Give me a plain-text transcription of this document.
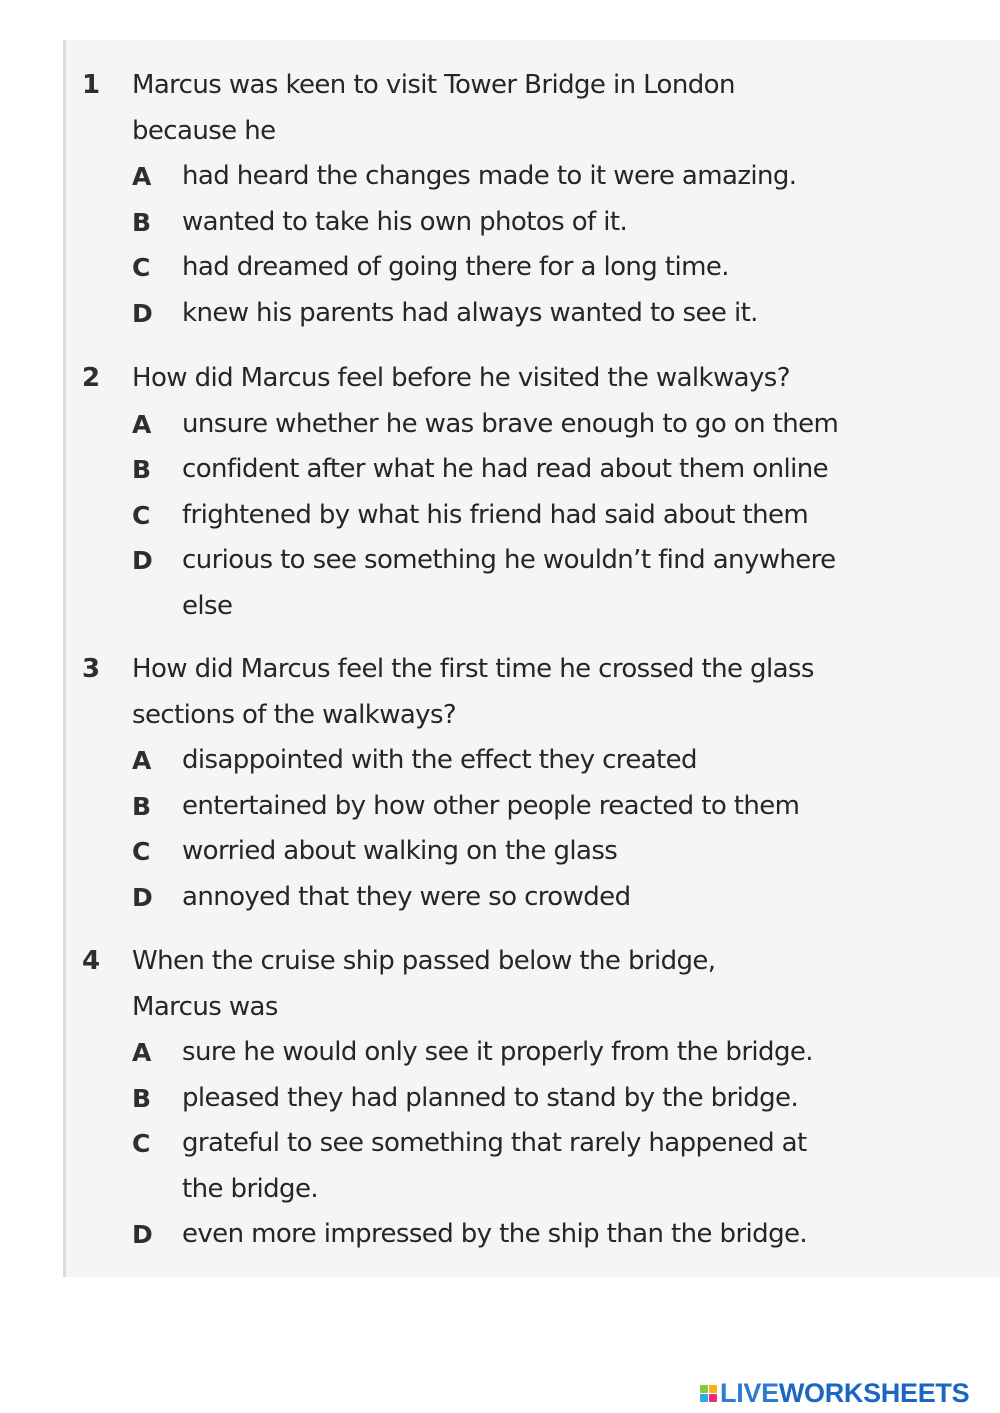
1	Marcus was keen to visit Tower Bridge in London
because he
A	had heard the changes made to it were amazing.
B	wanted to take his own photos of it.
C	had dreamed of going there for a long time.
D	knew his parents had always wanted to see it.
2	How did Marcus feel before he visited the walkways?
A	unsure whether he was brave enough to go on them
B	confident after what he had read about them online
C	frightened by what his friend had said about them
D	curious to see something he wouldn’t find anywhere
else
3	How did Marcus feel the first time he crossed the glass
sections of the walkways?
A	disappointed with the effect they created
B	entertained by how other people reacted to them
C	worried about walking on the glass
D	annoyed that they were so crowded
4	When the cruise ship passed below the bridge,
Marcus was
A	sure he would only see it properly from the bridge.
B	pleased they had planned to stand by the bridge.
C	grateful to see something that rarely happened at
the bridge.
D	even more impressed by the ship than the bridge.
LIVEWORKSHEETS
